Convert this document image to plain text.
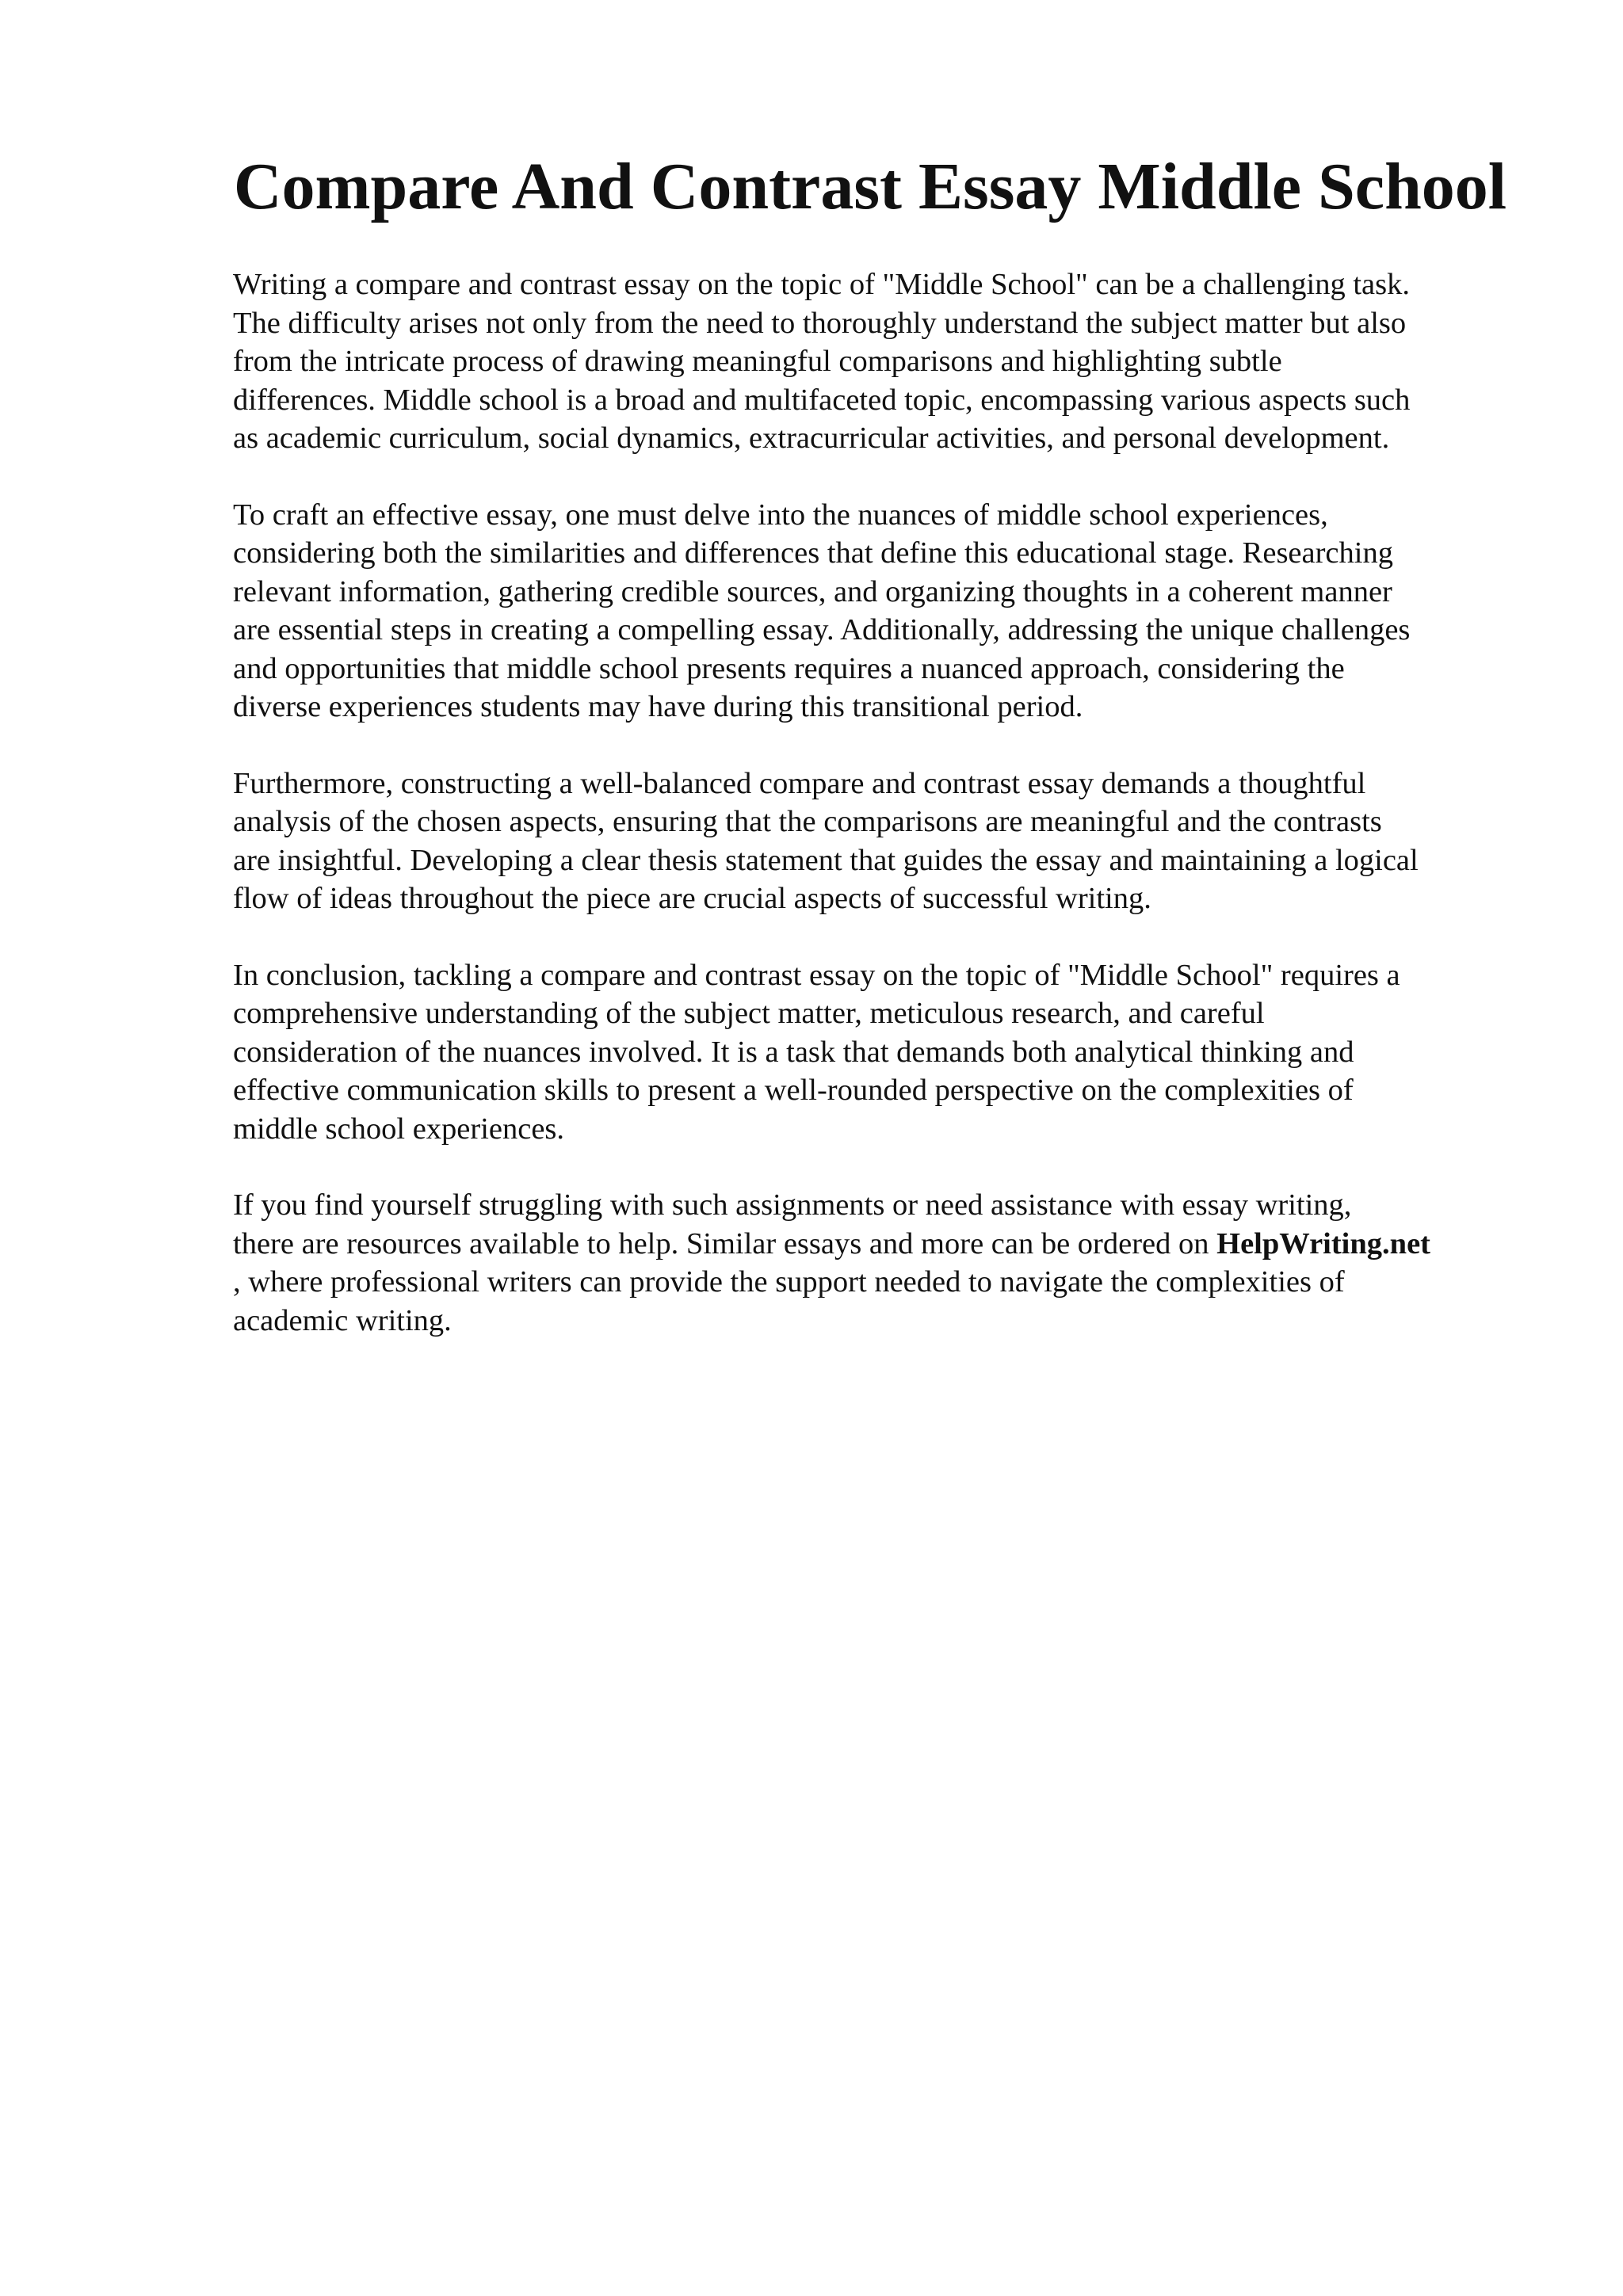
Compare And Contrast Essay Middle School

Writing a compare and contrast essay on the topic of "Middle School" can be a challenging task.
The difficulty arises not only from the need to thoroughly understand the subject matter but also
from the intricate process of drawing meaningful comparisons and highlighting subtle
differences. Middle school is a broad and multifaceted topic, encompassing various aspects such
as academic curriculum, social dynamics, extracurricular activities, and personal development.

To craft an effective essay, one must delve into the nuances of middle school experiences,
considering both the similarities and differences that define this educational stage. Researching
relevant information, gathering credible sources, and organizing thoughts in a coherent manner
are essential steps in creating a compelling essay. Additionally, addressing the unique challenges
and opportunities that middle school presents requires a nuanced approach, considering the
diverse experiences students may have during this transitional period.

Furthermore, constructing a well-balanced compare and contrast essay demands a thoughtful
analysis of the chosen aspects, ensuring that the comparisons are meaningful and the contrasts
are insightful. Developing a clear thesis statement that guides the essay and maintaining a logical
flow of ideas throughout the piece are crucial aspects of successful writing.

In conclusion, tackling a compare and contrast essay on the topic of "Middle School" requires a
comprehensive understanding of the subject matter, meticulous research, and careful
consideration of the nuances involved. It is a task that demands both analytical thinking and
effective communication skills to present a well-rounded perspective on the complexities of
middle school experiences.

If you find yourself struggling with such assignments or need assistance with essay writing,
there are resources available to help. Similar essays and more can be ordered on HelpWriting.net
, where professional writers can provide the support needed to navigate the complexities of
academic writing.
